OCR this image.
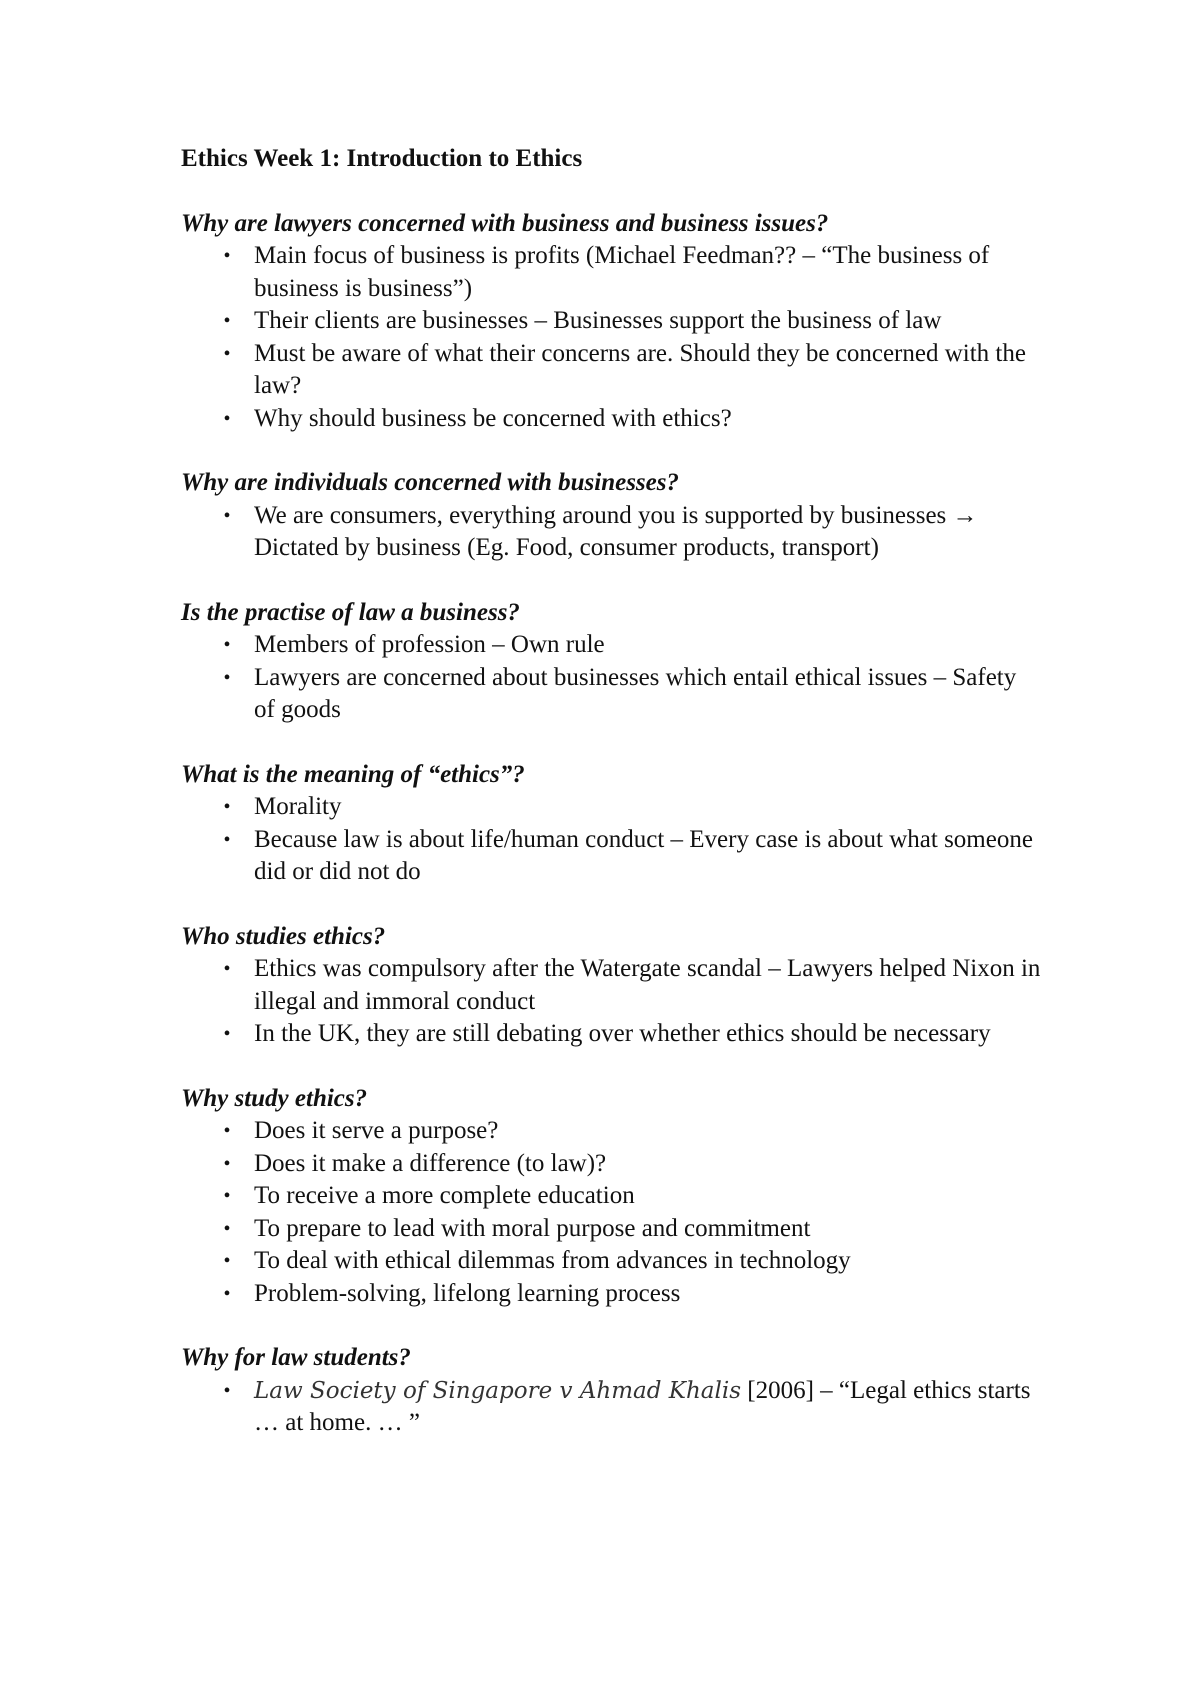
Ethics Week 1: Introduction to Ethics
Why are lawyers concerned with business and business issues?
• Main focus of business is profits (Michael Feedman?? – “The business of business is business”)
• Their clients are businesses – Businesses support the business of law
• Must be aware of what their concerns are. Should they be concerned with the law?
• Why should business be concerned with ethics?
Why are individuals concerned with businesses?
• We are consumers, everything around you is supported by businesses → Dictated by business (Eg. Food, consumer products, transport)
Is the practise of law a business?
• Members of profession – Own rule
• Lawyers are concerned about businesses which entail ethical issues – Safety of goods
What is the meaning of “ethics”?
• Morality
• Because law is about life/human conduct – Every case is about what someone did or did not do
Who studies ethics?
• Ethics was compulsory after the Watergate scandal – Lawyers helped Nixon in illegal and immoral conduct
• In the UK, they are still debating over whether ethics should be necessary
Why study ethics?
• Does it serve a purpose?
• Does it make a difference (to law)?
• To receive a more complete education
• To prepare to lead with moral purpose and commitment
• To deal with ethical dilemmas from advances in technology
• Problem-solving, lifelong learning process
Why for law students?
• Law Society of Singapore v Ahmad Khalis [2006] – “Legal ethics starts … at home. … ”
